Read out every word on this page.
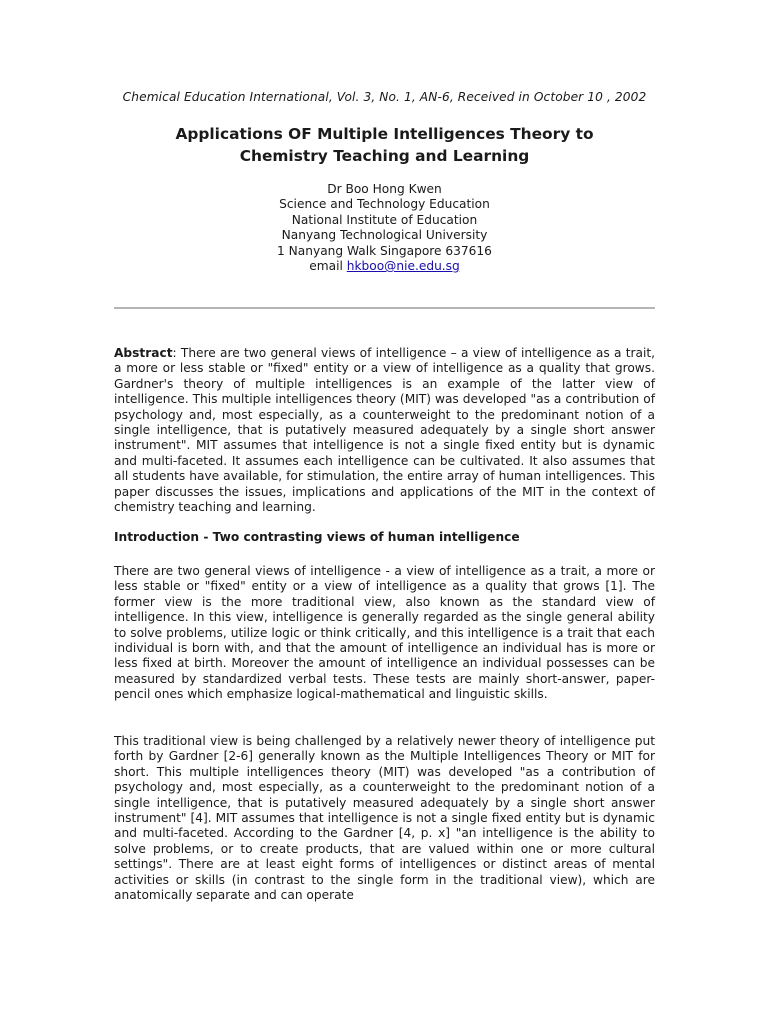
Chemical Education International, Vol. 3, No. 1, AN-6, Received in October 10 , 2002
Applications OF Multiple Intelligences Theory to
Chemistry Teaching and Learning
Dr Boo Hong Kwen
Science and Technology Education
National Institute of Education
Nanyang Technological University
1 Nanyang Walk Singapore 637616
email hkboo@nie.edu.sg

Abstract: There are two general views of intelligence – a view of intelligence as a trait, a more or less stable or "fixed" entity or a view of intelligence as a quality that grows. Gardner's theory of multiple intelligences is an example of the latter view of intelligence. This multiple intelligences theory (MIT) was developed "as a contribution of psychology and, most especially, as a counterweight to the predominant notion of a single intelligence, that is putatively measured adequately by a single short answer instrument". MIT assumes that intelligence is not a single fixed entity but is dynamic and multi-faceted. It assumes each intelligence can be cultivated. It also assumes that all students have available, for stimulation, the entire array of human intelligences. This paper discusses the issues, implications and applications of the MIT in the context of chemistry teaching and learning.

Introduction - Two contrasting views of human intelligence

There are two general views of intelligence - a view of intelligence as a trait, a more or less stable or "fixed" entity or a view of intelligence as a quality that grows [1]. The former view is the more traditional view, also known as the standard view of intelligence. In this view, intelligence is generally regarded as the single general ability to solve problems, utilize logic or think critically, and this intelligence is a trait that each individual is born with, and that the amount of intelligence an individual has is more or less fixed at birth. Moreover the amount of intelligence an individual possesses can be measured by standardized verbal tests. These tests are mainly short-answer, paper-pencil ones which emphasize logical-mathematical and linguistic skills.

This traditional view is being challenged by a relatively newer theory of intelligence put forth by Gardner [2-6] generally known as the Multiple Intelligences Theory or MIT for short. This multiple intelligences theory (MIT) was developed "as a contribution of psychology and, most especially, as a counterweight to the predominant notion of a single intelligence, that is putatively measured adequately by a single short answer instrument" [4]. MIT assumes that intelligence is not a single fixed entity but is dynamic and multi-faceted. According to the Gardner [4, p. x] "an intelligence is the ability to solve problems, or to create products, that are valued within one or more cultural settings". There are at least eight forms of intelligences or distinct areas of mental activities or skills (in contrast to the single form in the traditional view), which are anatomically separate and can operate
